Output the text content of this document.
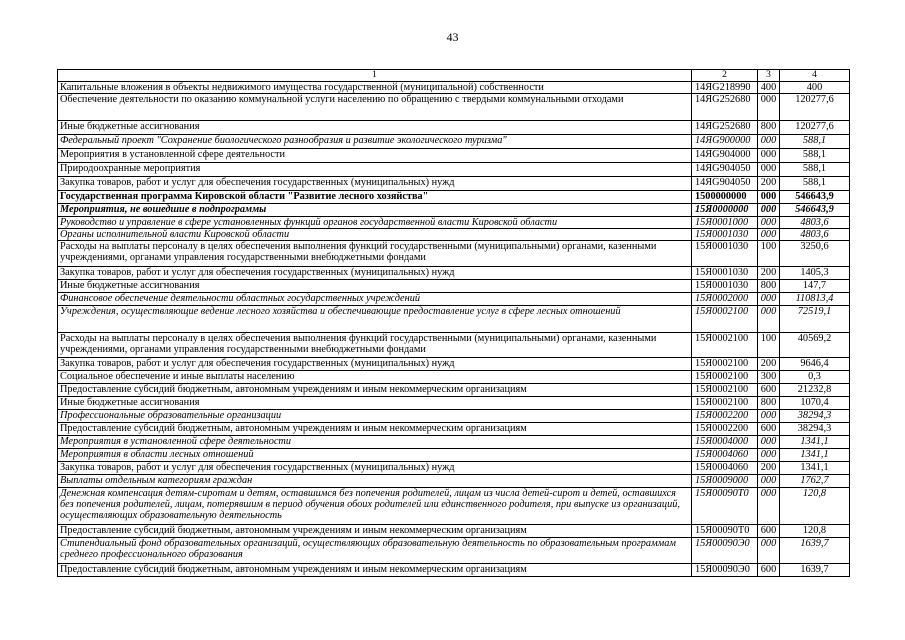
43
1	2	3	4
Капитальные вложения в объекты недвижимого имущества государственной (муниципальной) собственности	14ЯG218990	400	400
Обеспечение деятельности по оказанию коммунальной услуги населению по обращению с твердыми коммунальными отходами	14ЯG252680	000	120277,6
Иные бюджетные ассигнования	14ЯG252680	800	120277,6
Федеральный проект "Сохранение биологического разнообразия и развитие экологического туризма"	14ЯG900000	000	588,1
Мероприятия в установленной сфере деятельности	14ЯG904000	000	588,1
Природоохранные мероприятия	14ЯG904050	000	588,1
Закупка товаров, работ и услуг для обеспечения государственных (муниципальных) нужд	14ЯG904050	200	588,1
Государственная программа Кировской области "Развитие лесного хозяйства"	1500000000	000	546643,9
Мероприятия, не вошедшие в подпрограммы	15Я0000000	000	546643,9
Руководство и управление в сфере установленных функций органов государственной власти Кировской области	15Я0001000	000	4803,6
Органы исполнительной власти Кировской области	15Я0001030	000	4803,6
Расходы на выплаты персоналу в целях обеспечения выполнения функций государственными (муниципальными) органами, казенными учреждениями, органами управления государственными внебюджетными фондами	15Я0001030	100	3250,6
Закупка товаров, работ и услуг для обеспечения государственных (муниципальных) нужд	15Я0001030	200	1405,3
Иные бюджетные ассигнования	15Я0001030	800	147,7
Финансовое обеспечение деятельности областных государственных учреждений	15Я0002000	000	110813,4
Учреждения, осуществляющие ведение лесного хозяйства и обеспечивающие предоставление услуг в сфере лесных отношений	15Я0002100	000	72519,1
Расходы на выплаты персоналу в целях обеспечения выполнения функций государственными (муниципальными) органами, казенными учреждениями, органами управления государственными внебюджетными фондами	15Я0002100	100	40569,2
Закупка товаров, работ и услуг для обеспечения государственных (муниципальных) нужд	15Я0002100	200	9646,4
Социальное обеспечение и иные выплаты населению	15Я0002100	300	0,3
Предоставление субсидий бюджетным, автономным учреждениям и иным некоммерческим организациям	15Я0002100	600	21232,8
Иные бюджетные ассигнования	15Я0002100	800	1070,4
Профессиональные образовательные организации	15Я0002200	000	38294,3
Предоставление субсидий бюджетным, автономным учреждениям и иным некоммерческим организациям	15Я0002200	600	38294,3
Мероприятия в установленной сфере деятельности	15Я0004000	000	1341,1
Мероприятия в области лесных отношений	15Я0004060	000	1341,1
Закупка товаров, работ и услуг для обеспечения государственных (муниципальных) нужд	15Я0004060	200	1341,1
Выплаты отдельным категориям граждан	15Я0009000	000	1762,7
Денежная компенсация детям-сиротам и детям, оставшимся без попечения родителей, лицам из числа детей-сирот и детей, оставшихся без попечения родителей, лицам, потерявшим в период обучения обоих родителей или единственного родителя, при выпуске из организаций, осуществляющих образовательную деятельность	15Я00090Т0	000	120,8
Предоставление субсидий бюджетным, автономным учреждениям и иным некоммерческим организациям	15Я00090Т0	600	120,8
Стипендиальный фонд образовательных организаций, осуществляющих образовательную деятельность по образовательным программам среднего профессионального образования	15Я00090Э0	000	1639,7
Предоставление субсидий бюджетным, автономным учреждениям и иным некоммерческим организациям	15Я00090Э0	600	1639,7
